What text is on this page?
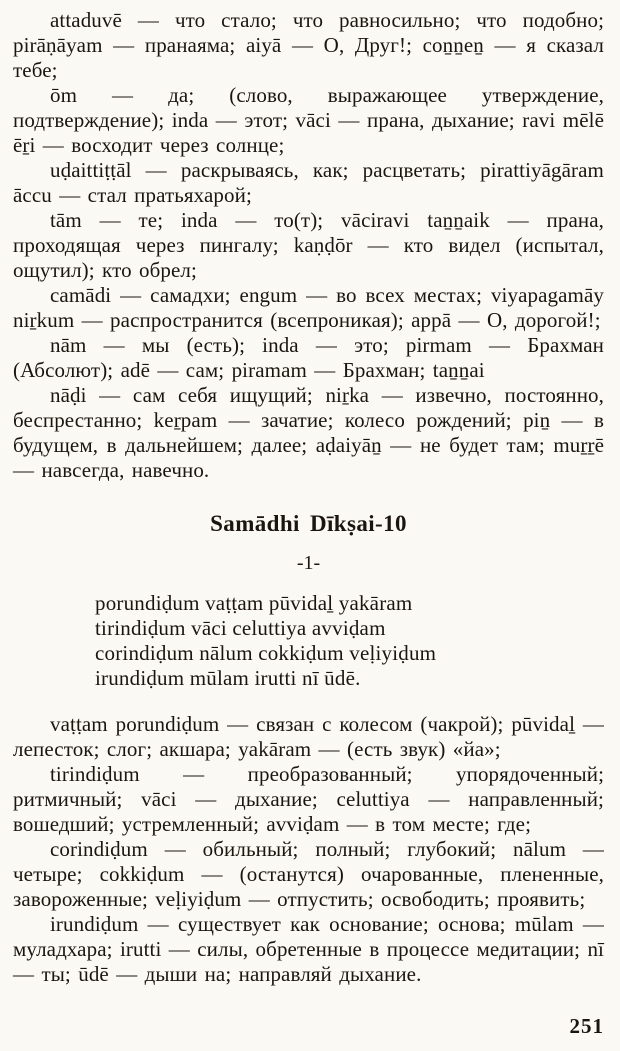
attaduvē — что стало; что равносильно; что подобно; pirāṇāyam — пранаяма; aiyā — О, Друг!; coṉṉeṉ — я сказал тебе;

ōm — да; (слово, выражающее утверждение, подтверждение); inda — этот; vāci — прана, дыхание; ravi mēlē ēṟi — восходит через солнце;

uḍaittiṭṭāl — раскрываясь, как; расцветать; pirattiyāgāram āccu — стал пратьяхарой;

tām — те; inda — то(т); vāciravi taṉṉaik — прана, проходящая через пингалу; kaṇḍōr — кто видел (испытал, ощутил); кто обрел;

camādi — самадхи; engum — во всех местах; viyapagamāy niṟkum — распространится (всепроникая); appā — О, дорогой!;

nām — мы (есть); inda — это; pirmam — Брахман (Абсолют); adē — сам; piramam — Брахман; taṉṉai

nāḍi — сам себя ищущий; niṟka — извечно, постоянно, беспрестанно; keṟpam — зачатие; колесо рождений; piṉ — в будущем, в дальнейшем; далее; aḍaiyāṉ — не будет там; muṟṟē — навсегда, навечно.

Samādhi Dīkṣai-10
-1-
porundiḍum vaṭṭam pūvidaḻ yakāram
tirindiḍum vāci celuttiya avviḍam
corindiḍum nālum cokkiḍum veḷiyiḍum
irundiḍum mūlam irutti nī ūdē.

vaṭṭam porundiḍum — связан с колесом (чакрой); pūvidaḻ — лепесток; слог; акшара; yakāram — (есть звук) «йа»;

tirindiḍum — преобразованный; упорядоченный; ритмичный; vāci — дыхание; celuttiya — направленный; вошедший; устремленный; avviḍam — в том месте; где;

corindiḍum — обильный; полный; глубокий; nālum — четыре; cokkiḍum — (останутся) очарованные, плененные, завороженные; veḷiyiḍum — отпустить; освободить; проявить;

irundiḍum — существует как основание; основа; mūlam — муладхара; irutti — силы, обретенные в процессе медитации; nī — ты; ūdē — дыши на; направляй дыхание.

251
